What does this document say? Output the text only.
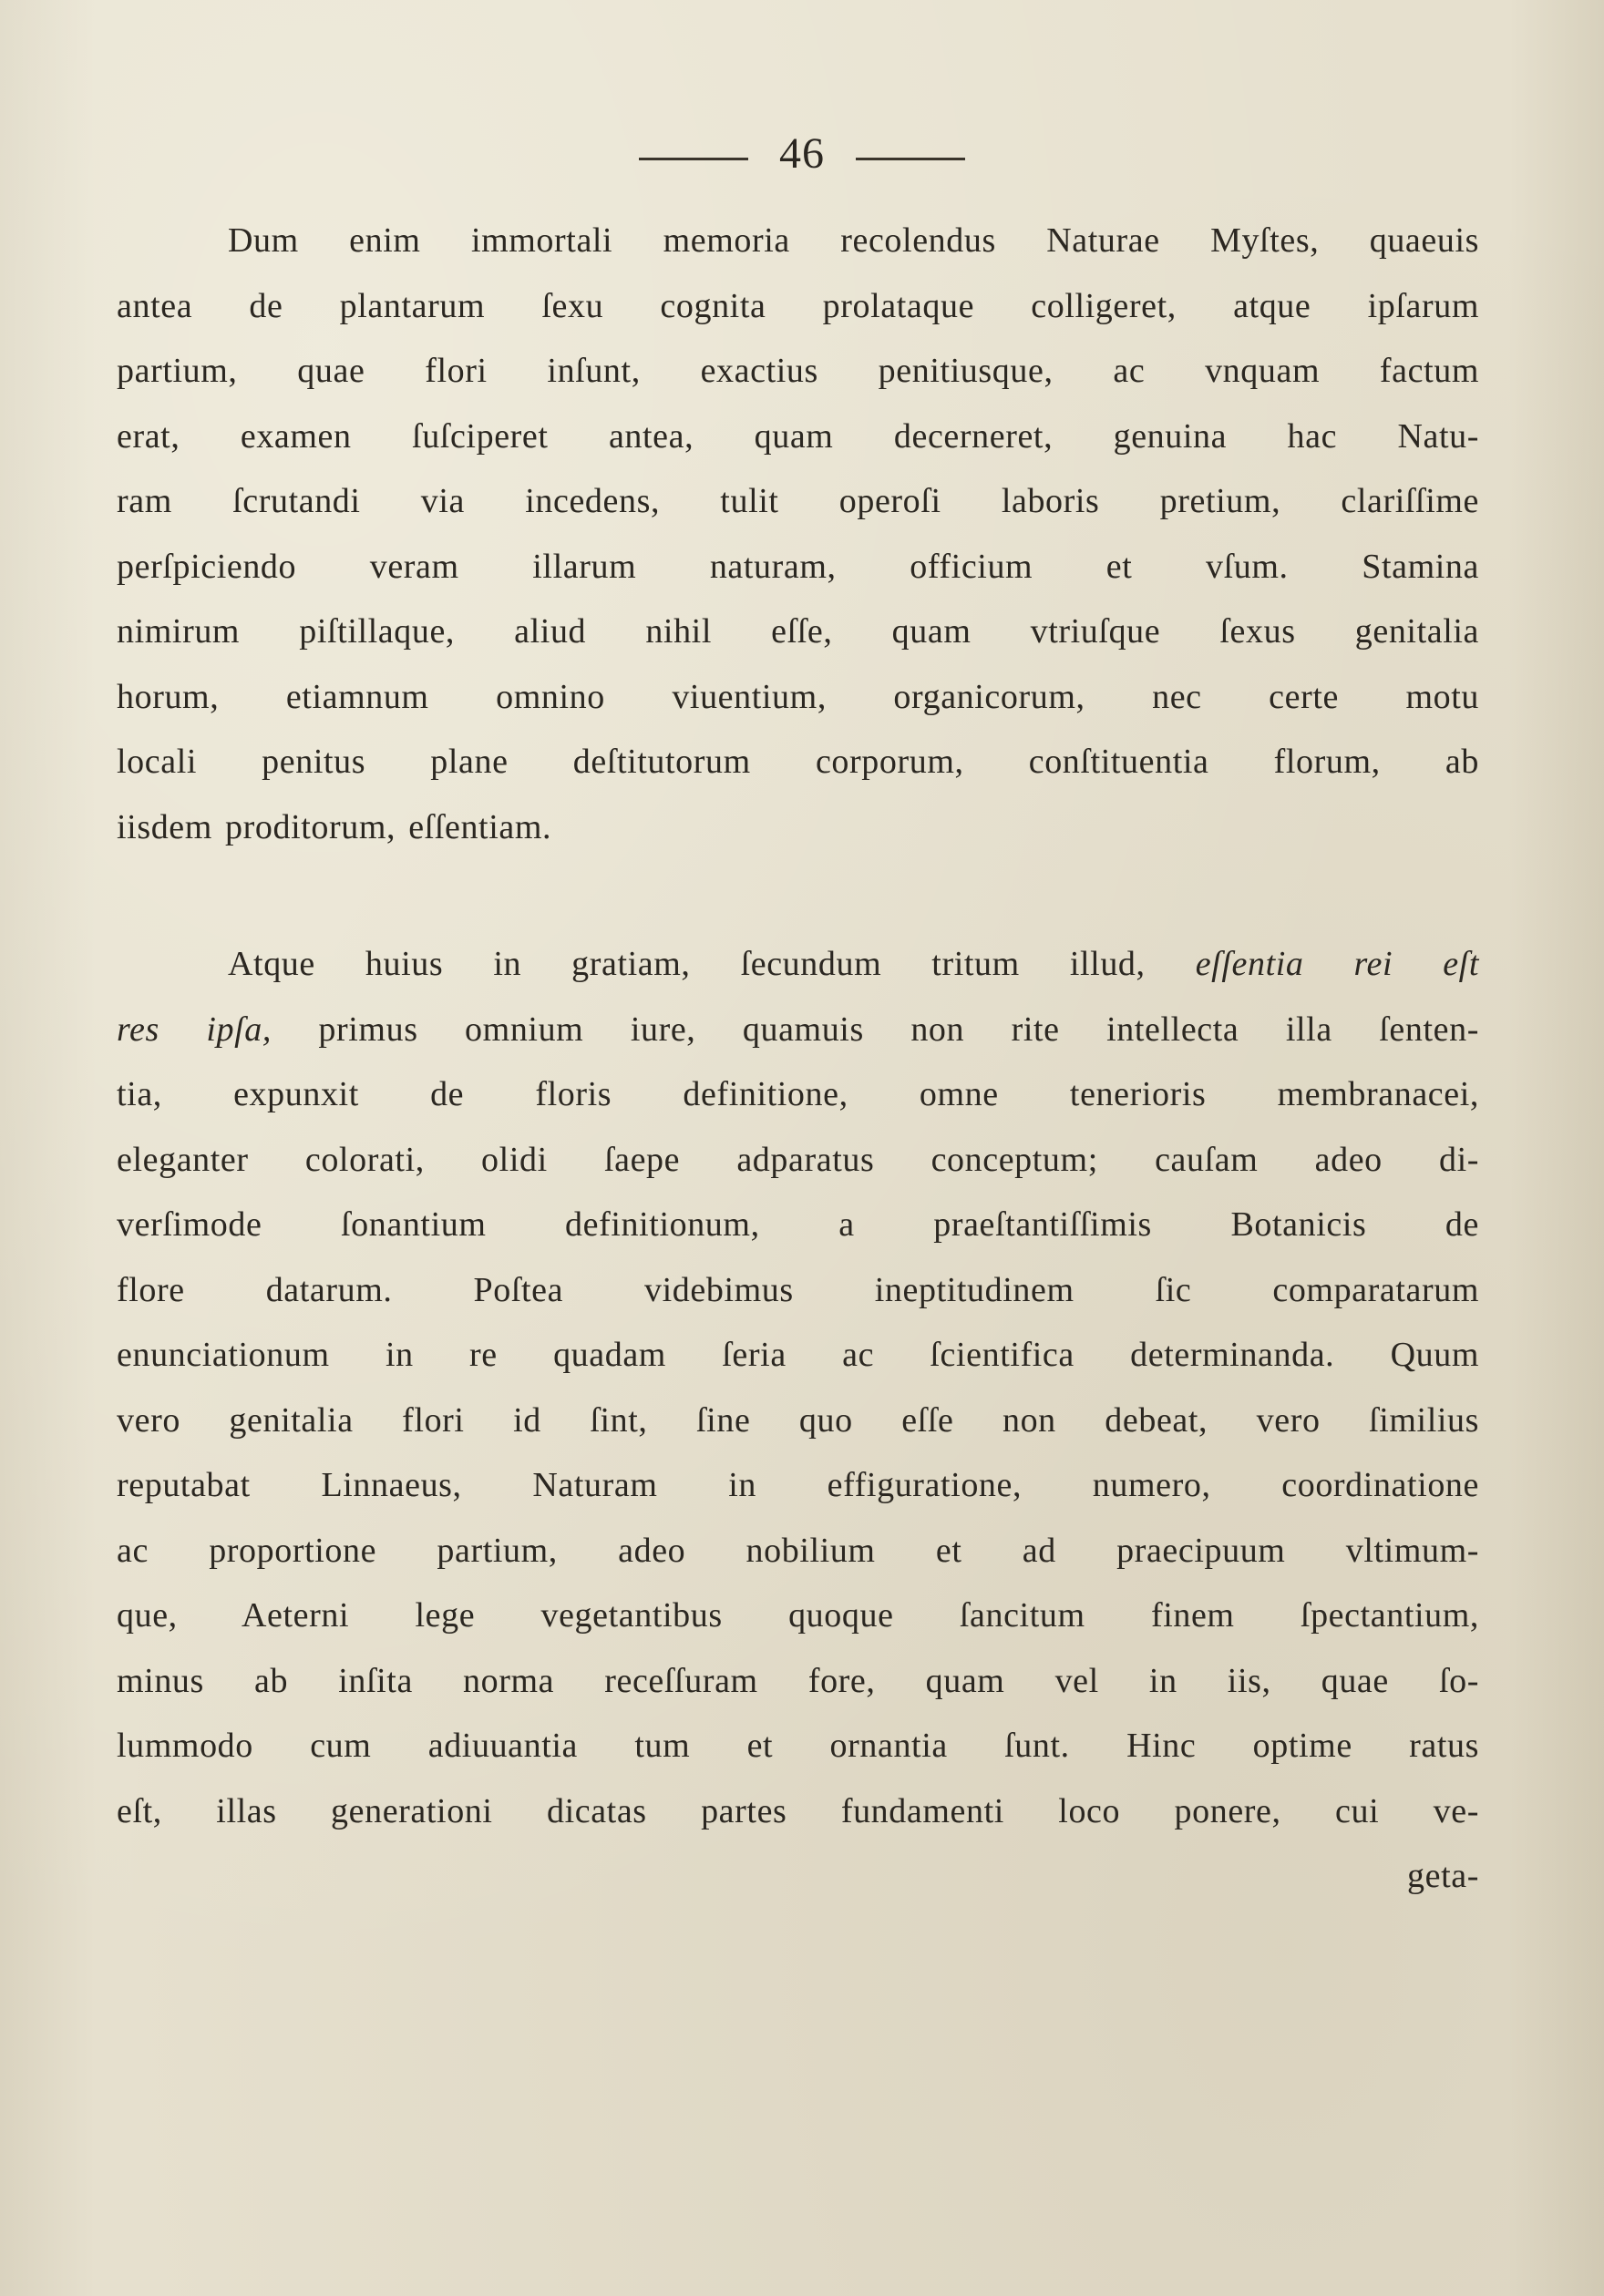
46
Dum enim immortali memoria recolendus Naturae Myſtes, quaeuis
antea de plantarum ſexu cognita prolataque colligeret, atque ipſarum
partium, quae flori inſunt, exactius penitiusque, ac vnquam factum
erat, examen ſuſciperet antea, quam decerneret, genuina hac Natu-
ram ſcrutandi via incedens, tulit operoſi laboris pretium, clariſſime
perſpiciendo veram illarum naturam, officium et vſum. Stamina
nimirum piſtillaque, aliud nihil eſſe, quam vtriuſque ſexus genitalia
horum, etiamnum omnino viuentium, organicorum, nec certe motu
locali penitus plane deſtitutorum corporum, conſtituentia florum, ab
iisdem proditorum, eſſentiam.
Atque huius in gratiam, ſecundum tritum illud, eſſentia rei eſt
res ipſa, primus omnium iure, quamuis non rite intellecta illa ſenten-
tia, expunxit de floris definitione, omne tenerioris membranacei,
eleganter colorati, olidi ſaepe adparatus conceptum; cauſam adeo di-
verſimode ſonantium definitionum, a praeſtantiſſimis Botanicis de
flore datarum. Poſtea videbimus ineptitudinem ſic comparatarum
enunciationum in re quadam ſeria ac ſcientifica determinanda. Quum
vero genitalia flori id ſint, ſine quo eſſe non debeat, vero ſimilius
reputabat Linnaeus, Naturam in effiguratione, numero, coordinatione
ac proportione partium, adeo nobilium et ad praecipuum vltimum-
que, Aeterni lege vegetantibus quoque ſancitum finem ſpectantium,
minus ab inſita norma receſſuram fore, quam vel in iis, quae ſo-
lummodo cum adiuuantia tum et ornantia ſunt. Hinc optime ratus
eſt, illas generationi dicatas partes fundamenti loco ponere, cui ve-
geta-
